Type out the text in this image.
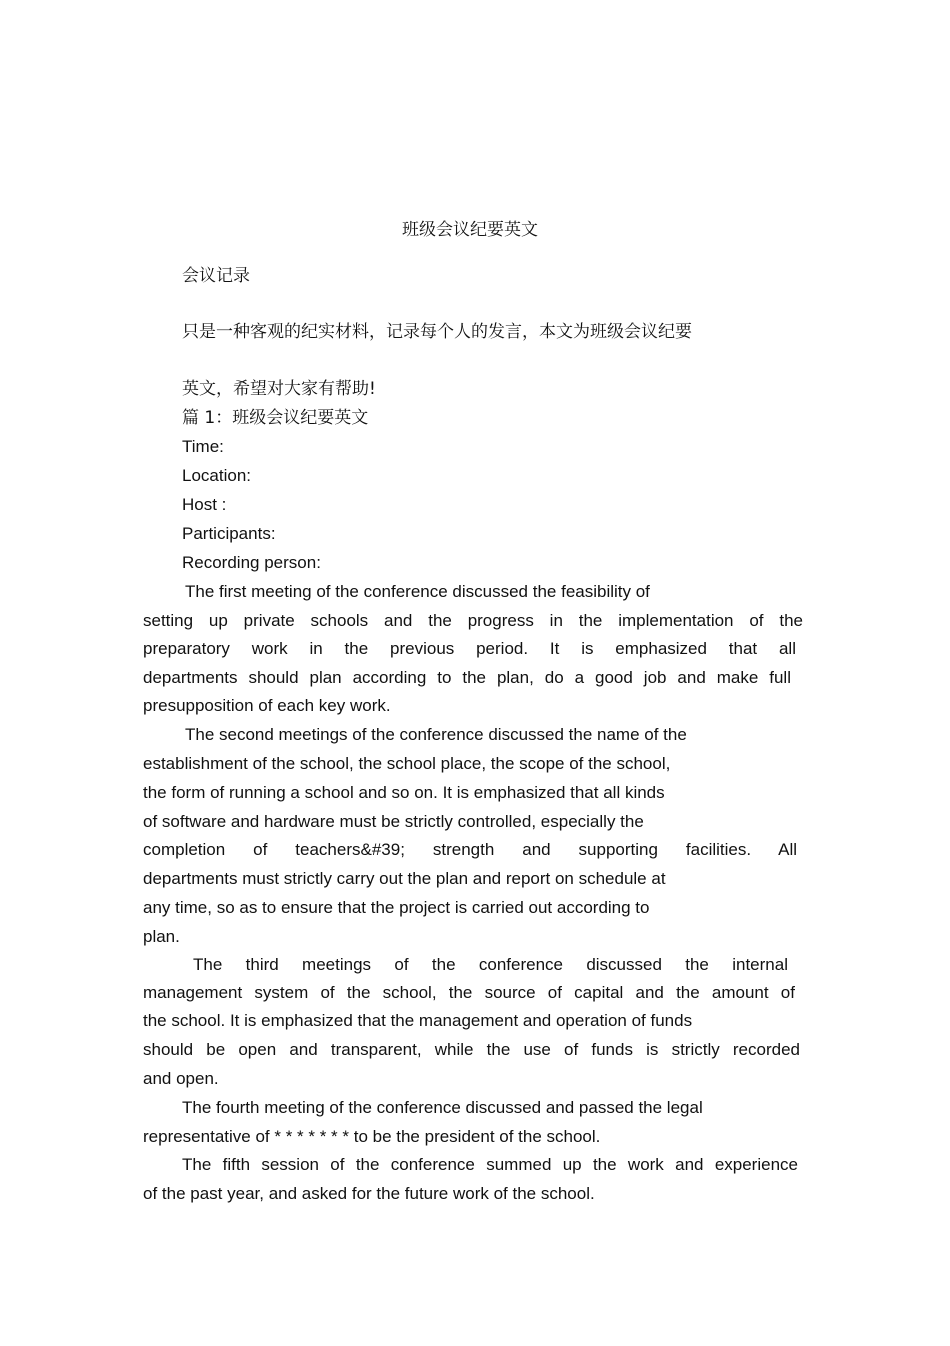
班级会议纪要英文
会议记录
只是一种客观的纪实材料，记录每个人的发言，本文为班级会议纪要
英文，希望对大家有帮助!
篇 1：班级会议纪要英文
Time:
Location:
Host :
Participants:
Recording person:
The first meeting of the conference discussed the feasibility of
setting up private schools and the progress in the implementation of the
preparatory work in the previous period. It is emphasized that all
departments should plan according to the plan, do a good job and make full
presupposition of each key work.
The second meetings of the conference discussed the name of the
establishment of the school, the school place, the scope of the school,
the form of running a school and so on. It is emphasized that all kinds
of software and hardware must be strictly controlled, especially the
completion of teachers&#39; strength and supporting facilities. All
departments must strictly carry out the plan and report on schedule at
any time, so as to ensure that the project is carried out according to
plan.
The third meetings of the conference discussed the internal
management system of the school, the source of capital and the amount of
the school. It is emphasized that the management and operation of funds
should be open and transparent, while the use of funds is strictly recorded
and open.
The fourth meeting of the conference discussed and passed the legal
representative of * * * * * * * to be the president of the school.
The fifth session of the conference summed up the work and experience
of the past year, and asked for the future work of the school.
